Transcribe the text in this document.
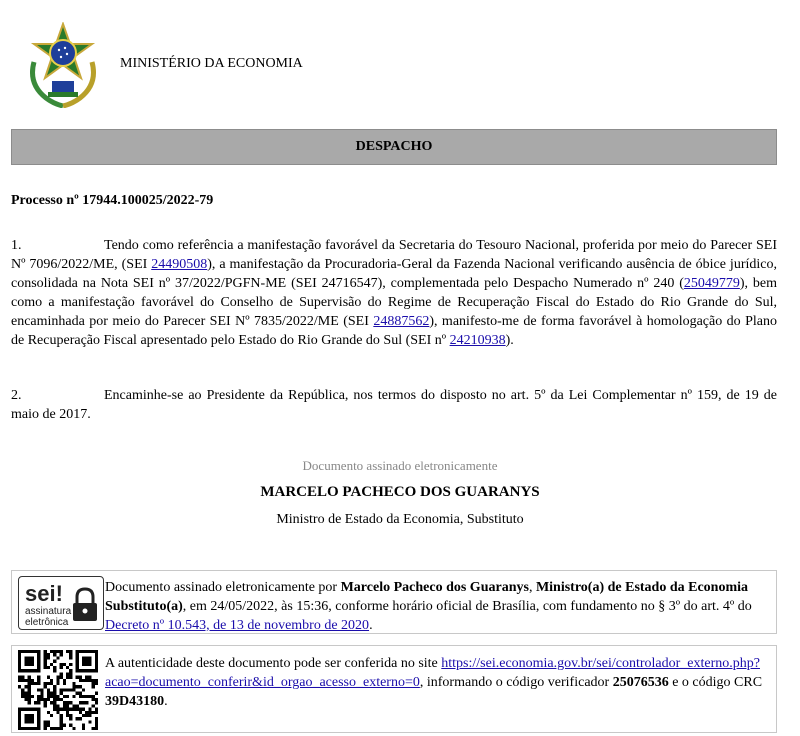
MINISTÉRIO DA ECONOMIA
DESPACHO
Processo nº 17944.100025/2022-79
1.	Tendo como referência a manifestação favorável da Secretaria do Tesouro Nacional, proferida por meio do Parecer SEI Nº 7096/2022/ME, (SEI 24490508), a manifestação da Procuradoria-Geral da Fazenda Nacional verificando ausência de óbice jurídico, consolidada na Nota SEI nº 37/2022/PGFN-ME (SEI 24716547), complementada pelo Despacho Numerado nº 240 (25049779), bem como a manifestação favorável do Conselho de Supervisão do Regime de Recuperação Fiscal do Estado do Rio Grande do Sul, encaminhada por meio do Parecer SEI Nº 7835/2022/ME (SEI 24887562), manifesto-me de forma favorável à homologação do Plano de Recuperação Fiscal apresentado pelo Estado do Rio Grande do Sul (SEI nº 24210938).
2.	Encaminhe-se ao Presidente da República, nos termos do disposto no art. 5º da Lei Complementar nº 159, de 19 de maio de 2017.
Documento assinado eletronicamente
MARCELO PACHECO DOS GUARANYS
Ministro de Estado da Economia, Substituto
sei!
assinatura
eletrônica
Documento assinado eletronicamente por Marcelo Pacheco dos Guaranys, Ministro(a) de Estado da Economia Substituto(a), em 24/05/2022, às 15:36, conforme horário oficial de Brasília, com fundamento no § 3º do art. 4º do Decreto nº 10.543, de 13 de novembro de 2020.
A autenticidade deste documento pode ser conferida no site https://sei.economia.gov.br/sei/controlador_externo.php?
acao=documento_conferir&id_orgao_acesso_externo=0, informando o código verificador 25076536 e o código CRC 39D43180.
